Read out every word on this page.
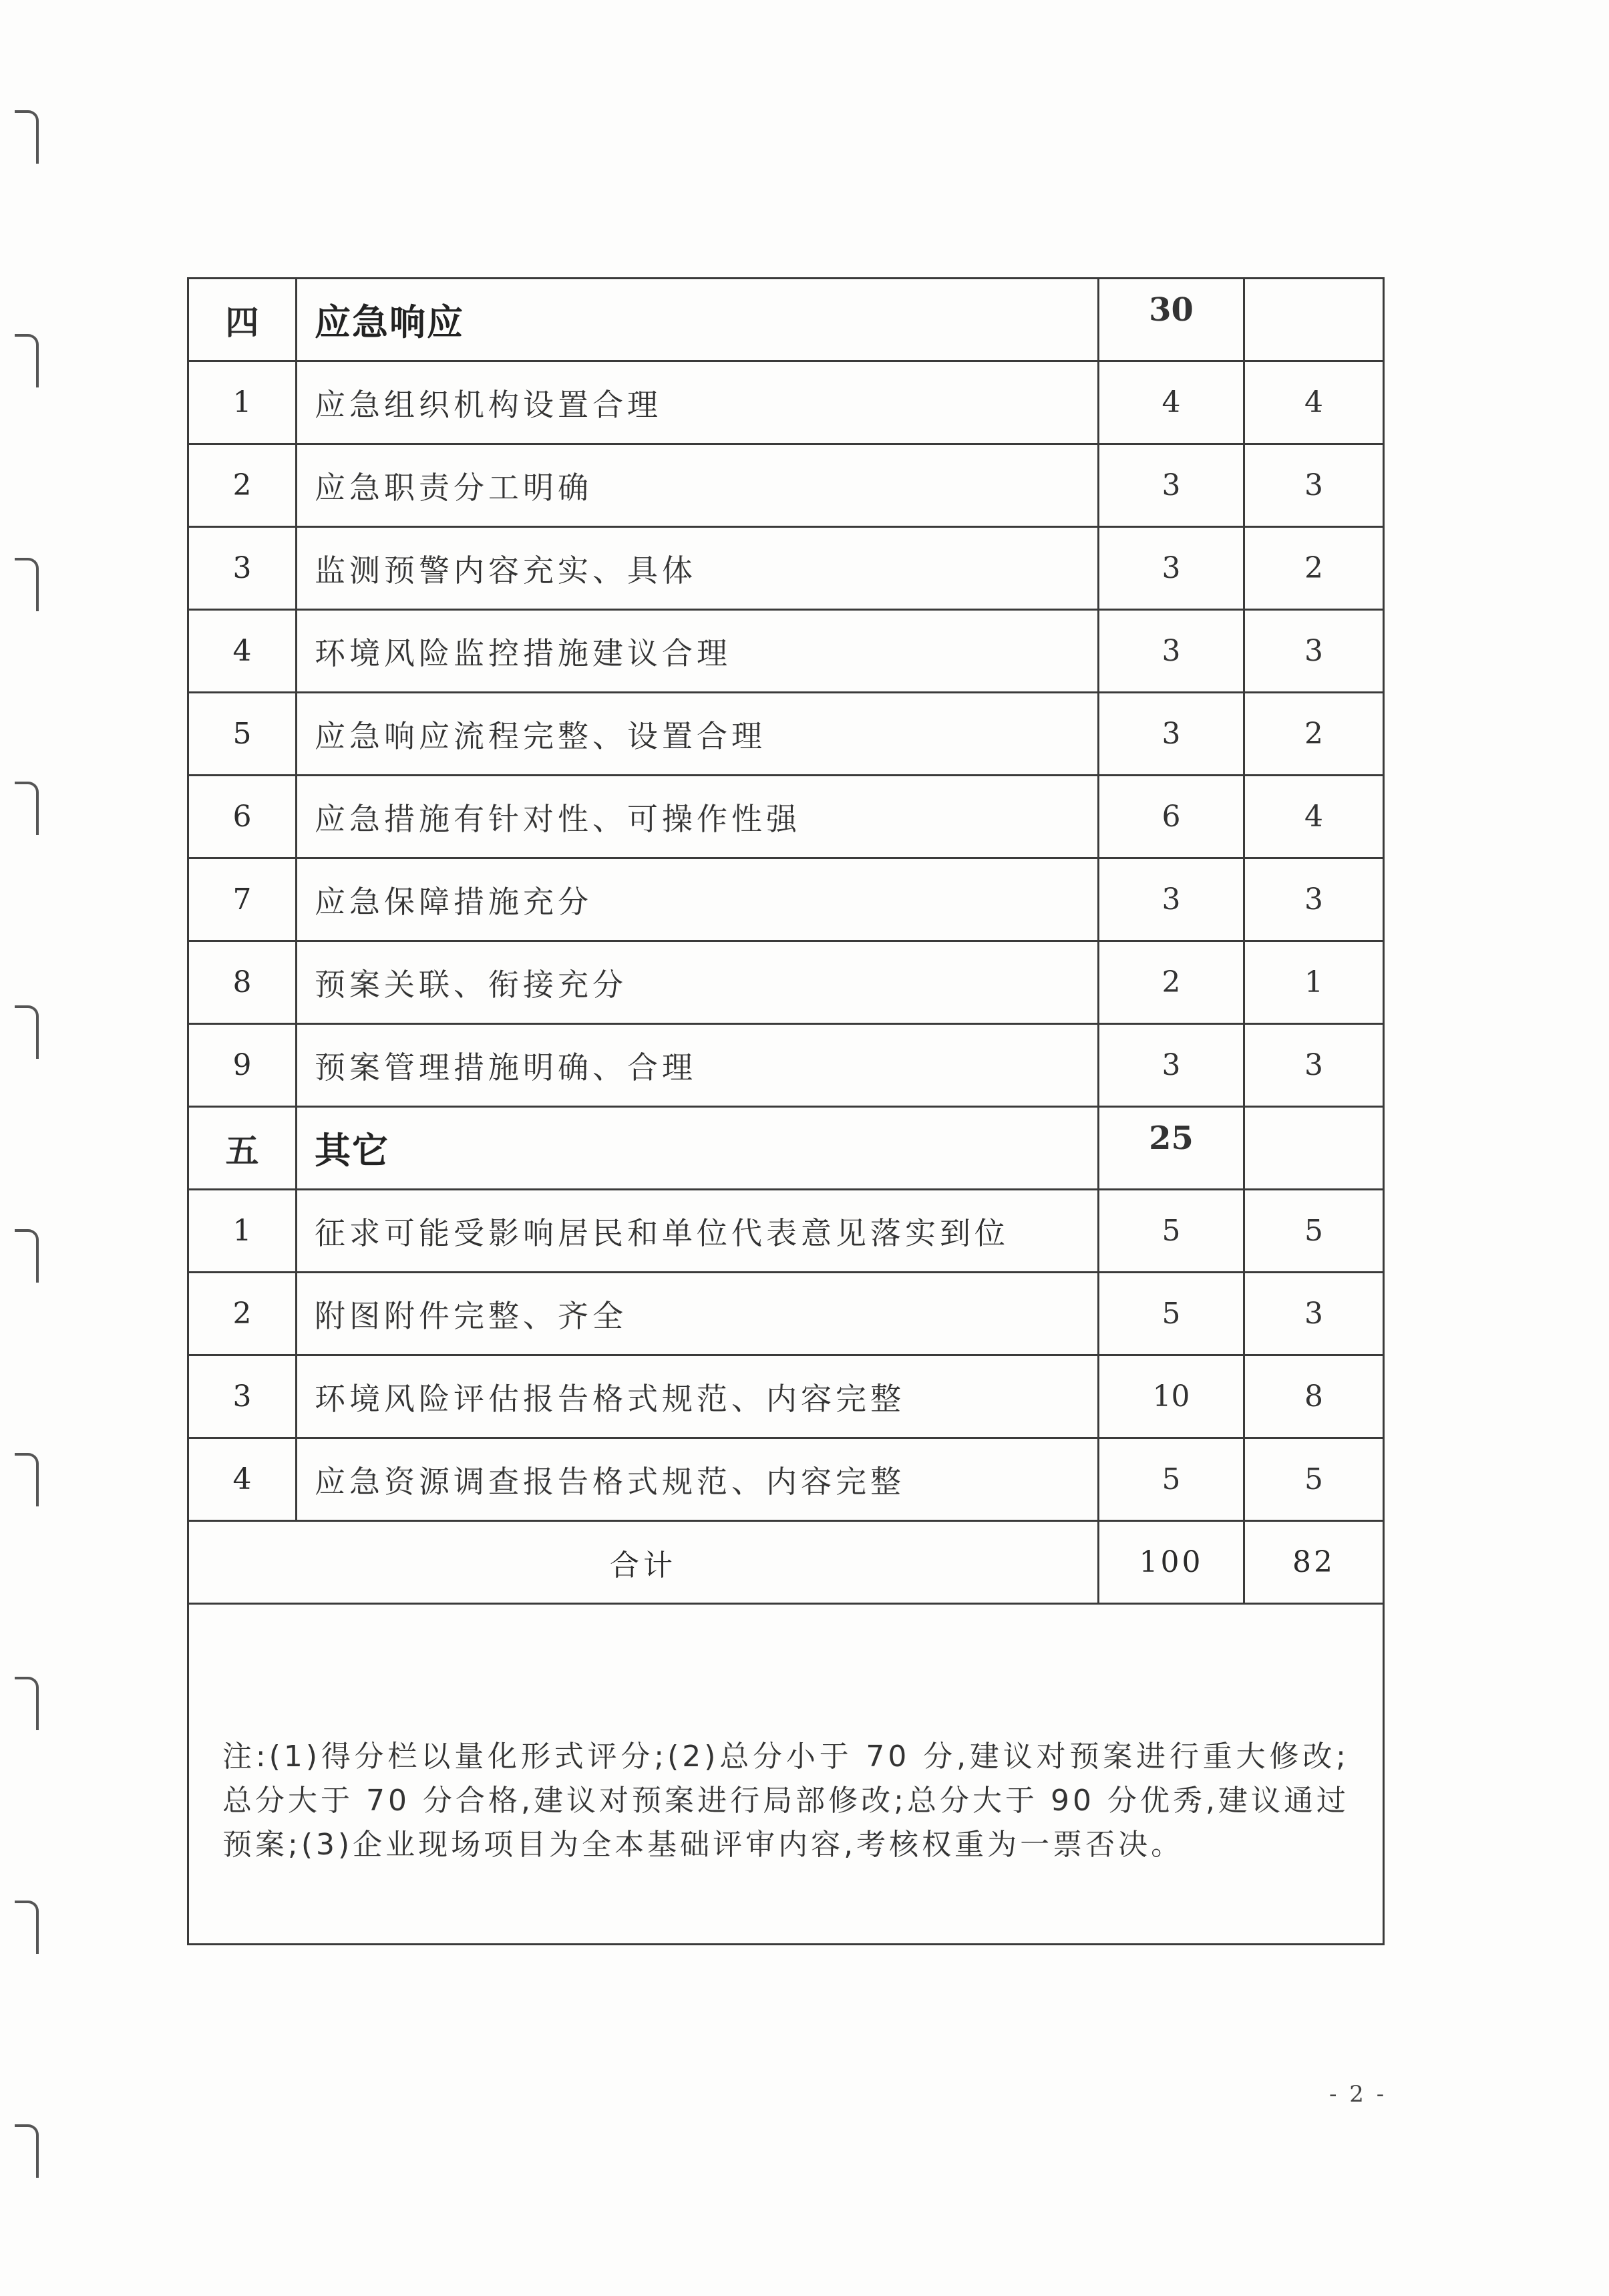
四	应急响应	30	
1	应急组织机构设置合理	4	4
2	应急职责分工明确	3	3
3	监测预警内容充实、具体	3	2
4	环境风险监控措施建议合理	3	3
5	应急响应流程完整、设置合理	3	2
6	应急措施有针对性、可操作性强	6	4
7	应急保障措施充分	3	3
8	预案关联、衔接充分	2	1
9	预案管理措施明确、合理	3	3
五	其它	25	
1	征求可能受影响居民和单位代表意见落实到位	5	5
2	附图附件完整、齐全	5	3
3	环境风险评估报告格式规范、内容完整	10	8
4	应急资源调查报告格式规范、内容完整	5	5
合计		100	82

注:(1)得分栏以量化形式评分;(2)总分小于 70 分,建议对预案进行重大修改;总分大于 70 分合格,建议对预案进行局部修改;总分大于 90 分优秀,建议通过预案;(3)企业现场项目为全本基础评审内容,考核权重为一票否决。			
- 2 -
